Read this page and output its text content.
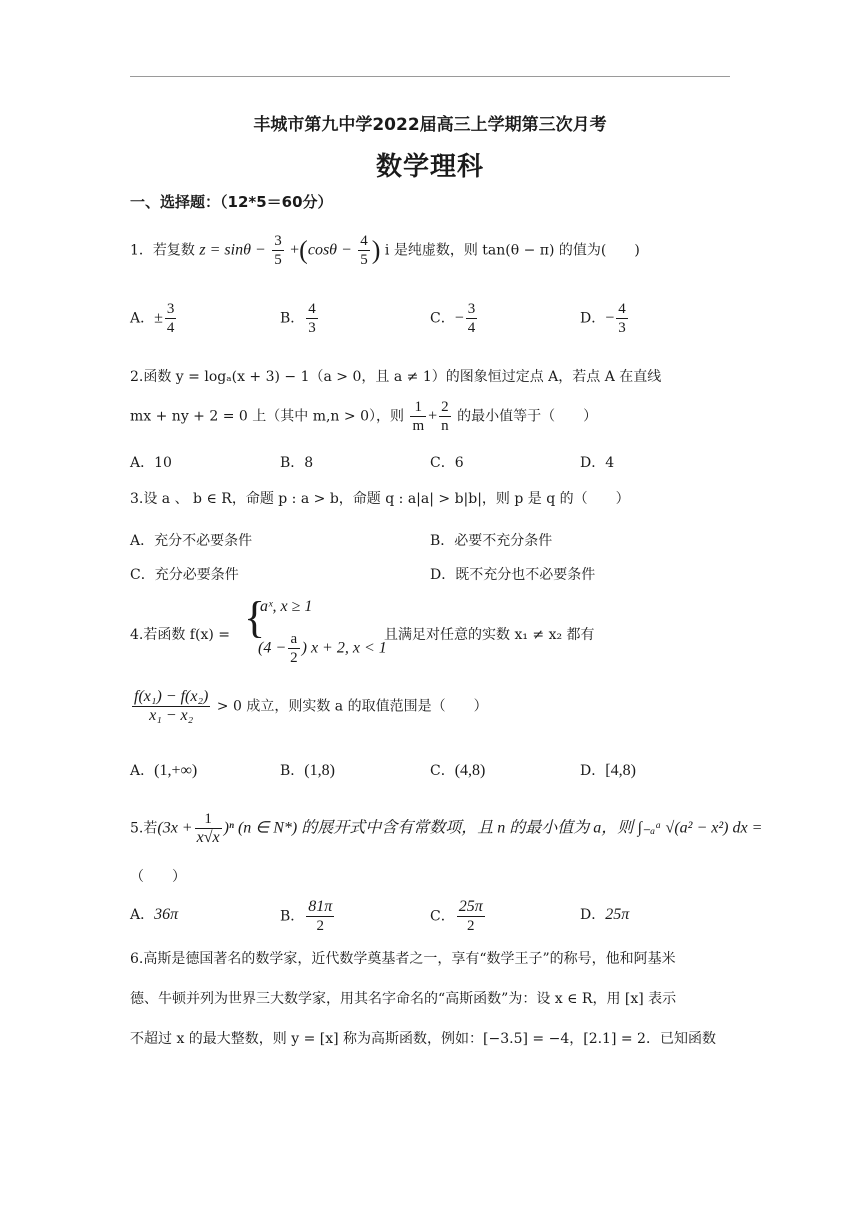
丰城市第九中学2022届高三上学期第三次月考
数学理科
一、选择题：（12*5＝60分）
1．若复数 $z = \sin\theta - \frac{3}{5} +(\cos\theta - \frac{4}{5}$ ) i 是纯虚数，则 tan(θ − π) 的值为(　　)
A．± $\frac{3}{4}$	B． $\frac{4}{3}$	C．− $\frac{3}{4}$	D．− $\frac{4}{3}$
2.函数 y = logₐ(x + 3) − 1（a > 0，且 a ≠ 1）的图象恒过定点 A，若点 A 在直线
mx + ny + 2 = 0 上（其中 m,n > 0），则 $\frac{1}{m} + \frac{2}{n}$ 的最小值等于（　　）
A．10	B．8	C．6	D．4
3.设 a 、 b ∈ R，命题 p : a > b，命题 q : a|a| > b|b|，则 p 是 q 的（　　）
A．充分不必要条件	B．必要不充分条件
C．充分必要条件	D．既不充分也不必要条件
4.若函数 f(x) = {
aˣ, x ≥ 1
($4 - \frac{a}{2}$ ) x + 2, x < 1
且满足对任意的实数 x₁ ≠ x₂ 都有
$\frac{\text{f(x₁) − f(x₂)}}{\text{x₁ − x₂}} > 0$ 成立，则实数 a 的取值范围是（　　）
A．(1,+∞)	B．(1,8)	C．(4,8)	D．[4,8)
5.若$(3x + \frac{1}{x√x} )^n$ (n ∈ N*) 的展开式中含有常数项，且 n 的最小值为 a，则 ∫₋ₐᵃ √(a² − x²) dx =
（　　）
A．36π	B． $\frac{81\pi}{2}$	C． $\frac{25\pi}{2}$	D．25π
6.高斯是德国著名的数学家，近代数学奠基者之一，享有“数学王子”的称号，他和阿基米
德、牛顿并列为世界三大数学家，用其名字命名的“高斯函数”为：设 x ∈ R，用 [x] 表示
不超过 x 的最大整数，则 y = [x] 称为高斯函数，例如：[−3.5] = −4，[2.1] = 2．已知函数
